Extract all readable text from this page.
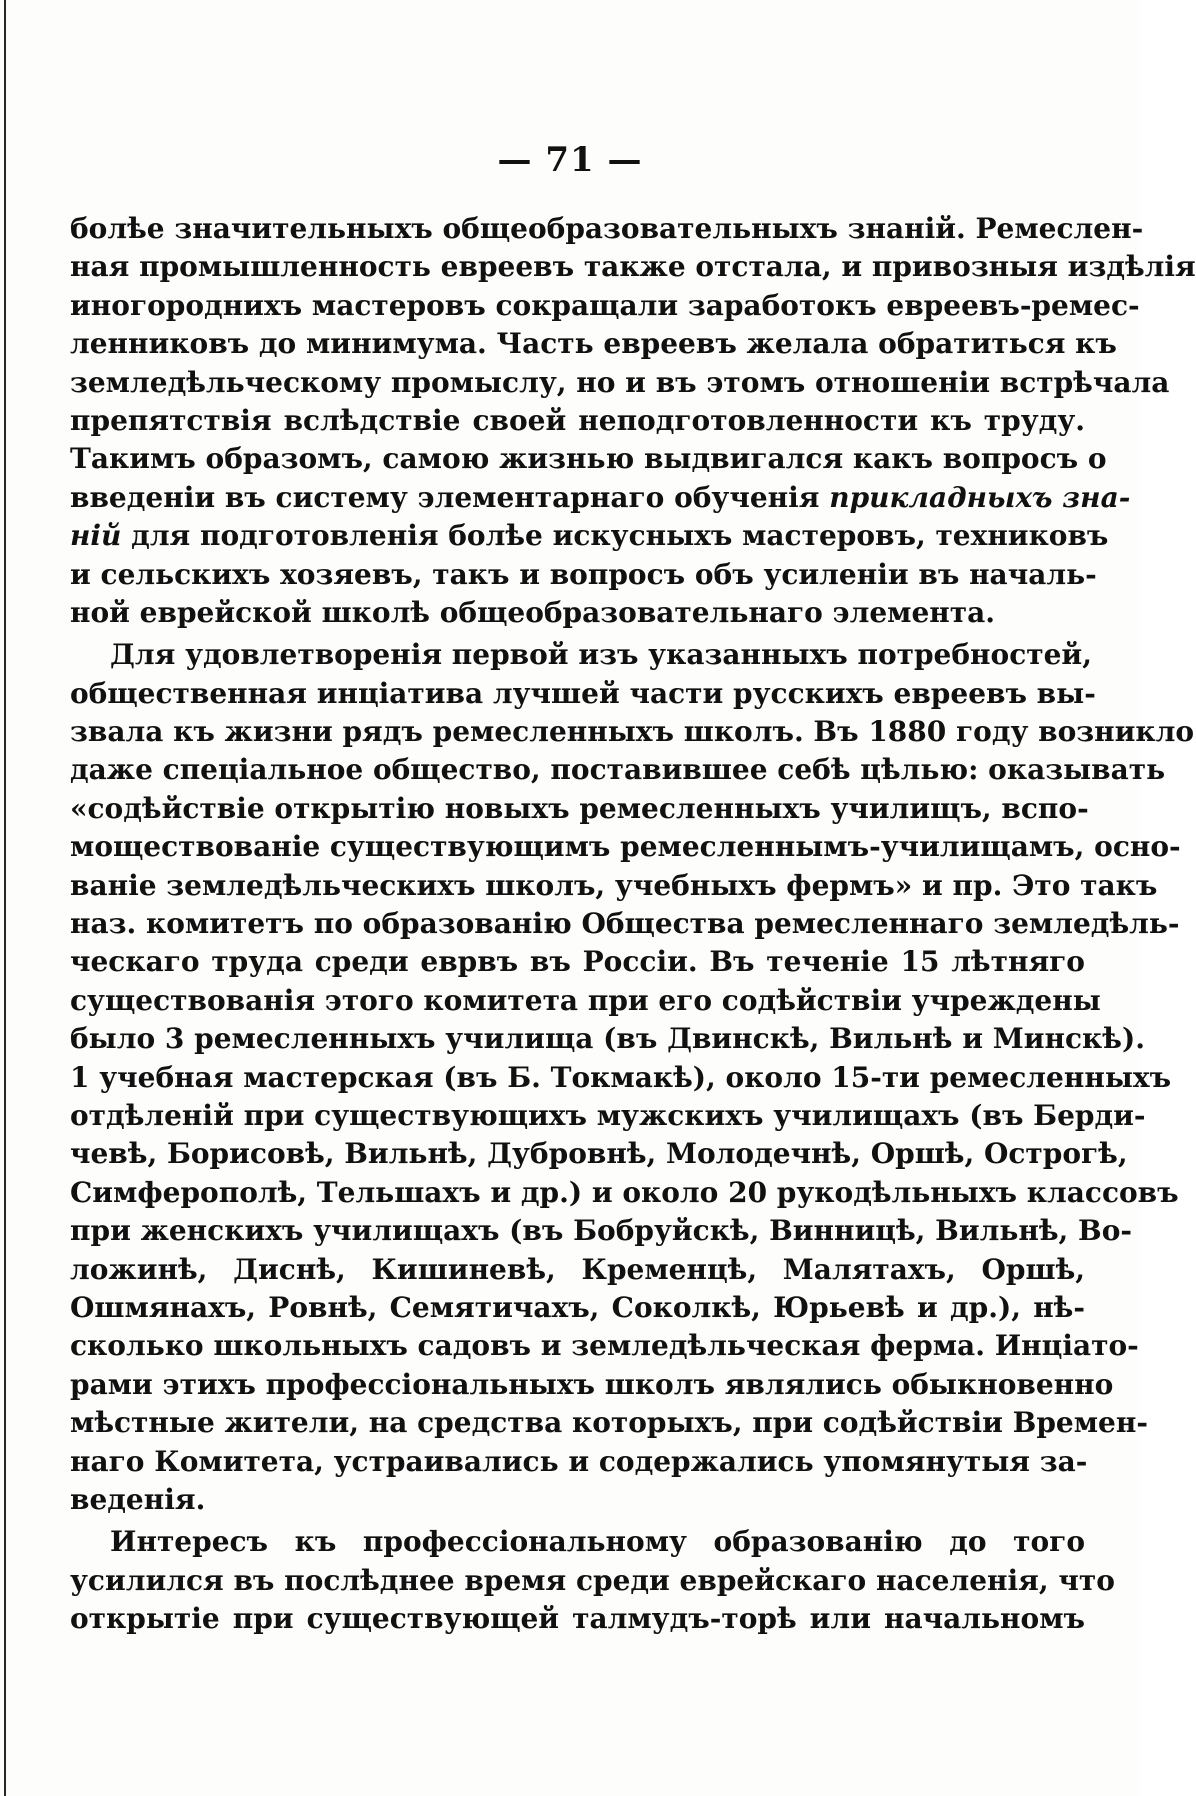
— 71 —
болѣе значительныхъ общеобразовательныхъ знаній. Ремеслен-
ная промышленность евреевъ также отстала, и привозныя издѣлія
иногороднихъ мастеровъ сокращали заработокъ евреевъ-ремес-
ленниковъ до минимума. Часть евреевъ желала обратиться къ
земледѣльческому промыслу, но и въ этомъ отношеніи встрѣчала
препятствія вслѣдствіе своей неподготовленности къ труду.
Такимъ образомъ, самою жизнью выдвигался какъ вопросъ о
введеніи въ систему элементарнаго обученія прикладныхъ зна-
ній для подготовленія болѣе искусныхъ мастеровъ, техниковъ
и сельскихъ хозяевъ, такъ и вопросъ объ усиленіи въ началь-
ной еврейской школѣ общеобразовательнаго элемента.
Для удовлетворенія первой изъ указанныхъ потребностей,
общественная инціатива лучшей части русскихъ евреевъ вы-
звала къ жизни рядъ ремесленныхъ школъ. Въ 1880 году возникло
даже спеціальное общество, поставившее себѣ цѣлью: оказывать
«содѣйствіе открытію новыхъ ремесленныхъ училищъ, вспо-
моществованіе существующимъ ремесленнымъ-училищамъ, осно-
ваніе земледѣльческихъ школъ, учебныхъ фермъ» и пр. Это такъ
наз. комитетъ по образованію Общества ремесленнаго земледѣль-
ческаго труда среди еврвъ въ Россіи. Въ теченіе 15 лѣтняго
существованія этого комитета при его содѣйствіи учреждены
было 3 ремесленныхъ училища (въ Двинскѣ, Вильнѣ и Минскѣ).
1 учебная мастерская (въ Б. Токмакѣ), около 15-ти ремесленныхъ
отдѣленій при существующихъ мужскихъ училищахъ (въ Берди-
чевѣ, Борисовѣ, Вильнѣ, Дубровнѣ, Молодечнѣ, Оршѣ, Острогѣ,
Симферополѣ, Тельшахъ и др.) и около 20 рукодѣльныхъ классовъ
при женскихъ училищахъ (въ Бобруйскѣ, Винницѣ, Вильнѣ, Во-
ложинѣ, Диснѣ, Кишиневѣ, Кременцѣ, Малятахъ, Оршѣ,
Ошмянахъ, Ровнѣ, Семятичахъ, Соколкѣ, Юрьевѣ и др.), нѣ-
сколько школьныхъ садовъ и земледѣльческая ферма. Инціато-
рами этихъ профессіональныхъ школъ являлись обыкновенно
мѣстные жители, на средства которыхъ, при содѣйствіи Времен-
наго Комитета, устраивались и содержались упомянутыя за-
веденія.
Интересъ къ профессіональному образованію до того
усилился въ послѣднее время среди еврейскаго населенія, что
открытіе при существующей талмудъ-торѣ или начальномъ
